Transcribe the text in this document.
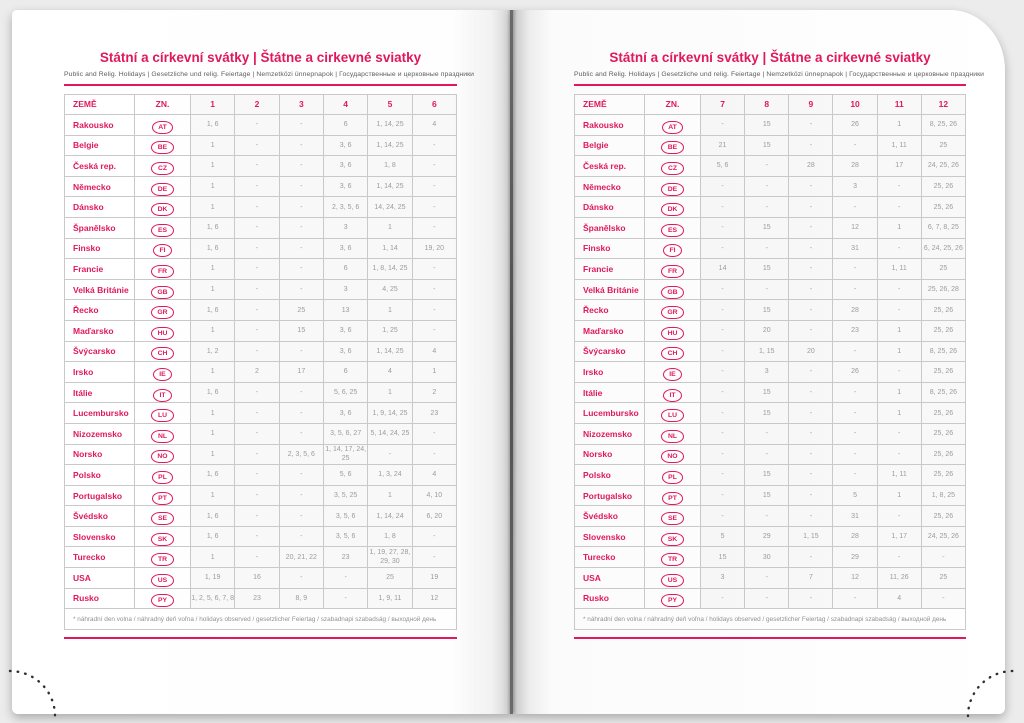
Státní a církevní svátky | Štátne a cirkevné sviatky
Public and Relig. Holidays | Gesetzliche und relig. Feiertage | Nemzetközi ünnepnapok | Государственные и церковные праздники
ZEMĚ	ZN.	1	2	3	4	5	6
Rakousko	AT	1, 6	-	-	6	1, 14, 25	4
Belgie	BE	1	-	-	3, 6	1, 14, 25	-
Česká rep.	CZ	1	-	-	3, 6	1, 8	-
Německo	DE	1	-	-	3, 6	1, 14, 25	-
Dánsko	DK	1	-	-	2, 3, 5, 6	14, 24, 25	-
Španělsko	ES	1, 6	-	-	3	1	-
Finsko	FI	1, 6	-	-	3, 6	1, 14	19, 20
Francie	FR	1	-	-	6	1, 8, 14, 25	-
Velká Británie	GB	1	-	-	3	4, 25	-
Řecko	GR	1, 6	-	25	13	1	-
Maďarsko	HU	1	-	15	3, 6	1, 25	-
Švýcarsko	CH	1, 2	-	-	3, 6	1, 14, 25	4
Irsko	IE	1	2	17	6	4	1
Itálie	IT	1, 6	-	-	5, 6, 25	1	2
Lucembursko	LU	1	-	-	3, 6	1, 9, 14, 25	23
Nizozemsko	NL	1	-	-	3, 5, 6, 27	5, 14, 24, 25	-
Norsko	NO	1	-	2, 3, 5, 6	1, 14, 17, 24, 25	-	-
Polsko	PL	1, 6	-	-	5, 6	1, 3, 24	4
Portugalsko	PT	1	-	-	3, 5, 25	1	4, 10
Švédsko	SE	1, 6	-	-	3, 5, 6	1, 14, 24	6, 20
Slovensko	SK	1, 6	-	-	3, 5, 6	1, 8	-
Turecko	TR	1	-	20, 21, 22	23	1, 19, 27, 28, 29, 30	-
USA	US	1, 19	16	-	-	25	19
Rusko	PY	1, 2, 5, 6, 7, 8	23	8, 9	-	1, 9, 11	12
* náhradní den volna / náhradný deň voľna / holidays observed / gesetzlicher Feiertag / szabadnapi szabadság / выходной день							
Státní a církevní svátky | Štátne a cirkevné sviatky
Public and Relig. Holidays | Gesetzliche und relig. Feiertage | Nemzetközi ünnepnapok | Государственные и церковные праздники
ZEMĚ	ZN.	7	8	9	10	11	12
Rakousko	AT	-	15	-	26	1	8, 25, 26
Belgie	BE	21	15	-	-	1, 11	25
Česká rep.	CZ	5, 6	-	28	28	17	24, 25, 26
Německo	DE	-	-	-	3	-	25, 26
Dánsko	DK	-	-	-	-	-	25, 26
Španělsko	ES	-	15	-	12	1	6, 7, 8, 25
Finsko	FI	-	-	-	31	-	6, 24, 25, 26
Francie	FR	14	15	-	-	1, 11	25
Velká Británie	GB	-	-	-	-	-	25, 26, 28
Řecko	GR	-	15	-	28	-	25, 26
Maďarsko	HU	-	20	-	23	1	25, 26
Švýcarsko	CH	-	1, 15	20	-	1	8, 25, 26
Irsko	IE	-	3	-	26	-	25, 26
Itálie	IT	-	15	-	-	1	8, 25, 26
Lucembursko	LU	-	15	-	-	1	25, 26
Nizozemsko	NL	-	-	-	-	-	25, 26
Norsko	NO	-	-	-	-	-	25, 26
Polsko	PL	-	15	-	-	1, 11	25, 26
Portugalsko	PT	-	15	-	5	1	1, 8, 25
Švédsko	SE	-	-	-	31	-	25, 26
Slovensko	SK	5	29	1, 15	28	1, 17	24, 25, 26
Turecko	TR	15	30	-	29	-	-
USA	US	3	-	7	12	11, 26	25
Rusko	PY	-	-	-	-	4	-
* náhradní den volna / náhradný deň voľna / holidays observed / gesetzlicher Feiertag / szabadnapi szabadság / выходной день							
